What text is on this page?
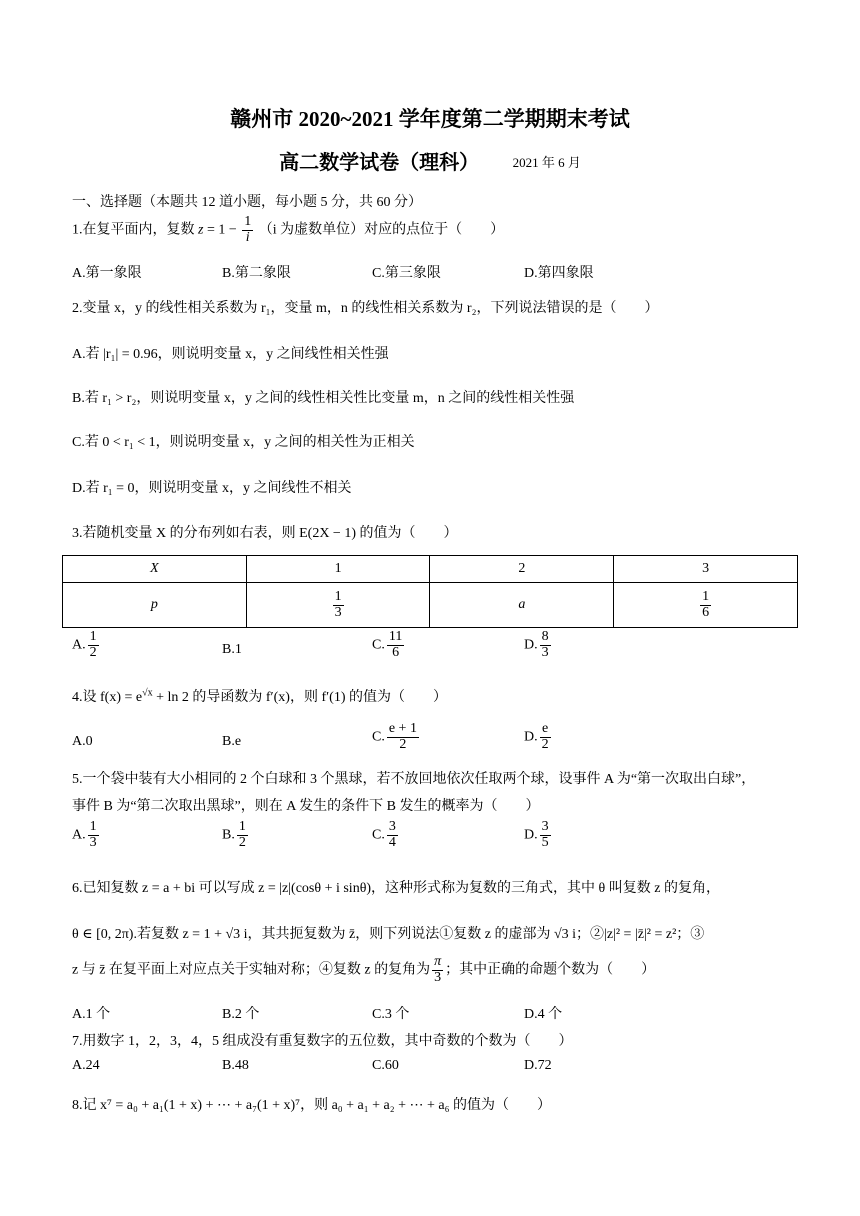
赣州市 2020~2021 学年度第二学期期末考试
高二数学试卷（理科）	2021 年 6 月
一、选择题（本题共 12 道小题，每小题 5 分，共 60 分）
1.在复平面内，复数 $z = 1 - \frac{1}{i} (i$ 为虚数单位）对应的点位于（　　）
A.第一象限	B.第二象限	C.第三象限	D.第四象限
2.变量 x，y 的线性相关系数为 r₁，变量 m，n 的线性相关系数为 r₂，下列说法错误的是（　　）
A.若 |r₁| = 0.96，则说明变量 x，y 之间线性相关性强
B.若 r₁ > r₂，则说明变量 x，y 之间的线性相关性比变量 m，n 之间的线性相关性强
C.若 0 < r₁ < 1，则说明变量 x，y 之间的相关性为正相关
D.若 r₁ = 0，则说明变量 x，y 之间线性不相关
3.若随机变量 X 的分布列如右表，则 E(2X − 1) 的值为（　　）
X	1	2	3
p	$\frac{1}{3}$	a	$\frac{1}{6}$
A. $\frac{1}{2}$	B.1	C. $\frac{11}{6}$	D. $\frac{8}{3}$
4.设 $f(x) = e^{√x} + \ln 2$ 的导函数为 f′(x)，则 f′(1) 的值为（　　）
A.0	B.e	C. $\frac{e + 1}{2}$	D. $\frac{e}{2}$
5.一个袋中装有大小相同的 2 个白球和 3 个黑球，若不放回地依次任取两个球，设事件 A 为“第一次取出白球”，
事件 B 为“第二次取出黑球”，则在 A 发生的条件下 B 发生的概率为（　　）
A. $\frac{1}{3}$	B. $\frac{1}{2}$	C. $\frac{3}{4}$	D. $\frac{3}{5}$
6.已知复数 z = a + bi 可以写成 z = |z|(cosθ + i sinθ)，这种形式称为复数的三角式，其中 θ 叫复数 z 的复角，
θ ∈ [0, 2π).若复数 z = 1 + √3 i，其共扼复数为 z̄，则下列说法①复数 z 的虚部为 √3 i；②|z|² = |z̄|² = z²；③
z 与 z̄ 在复平面上对应点关于实轴对称；④复数 z 的复角为 $\frac{\pi}{3}$ ；其中正确的命题个数为（　　）
A.1 个	B.2 个	C.3 个	D.4 个
7.用数字 1，2，3，4，5 组成没有重复数字的五位数，其中奇数的个数为（　　）
A.24	B.48	C.60	D.72
8.记 x⁷ = a₀ + a₁(1 + x) + ⋯ + a₇(1 + x)⁷，则 a₀ + a₁ + a₂ + ⋯ + a₆ 的值为（　　）
